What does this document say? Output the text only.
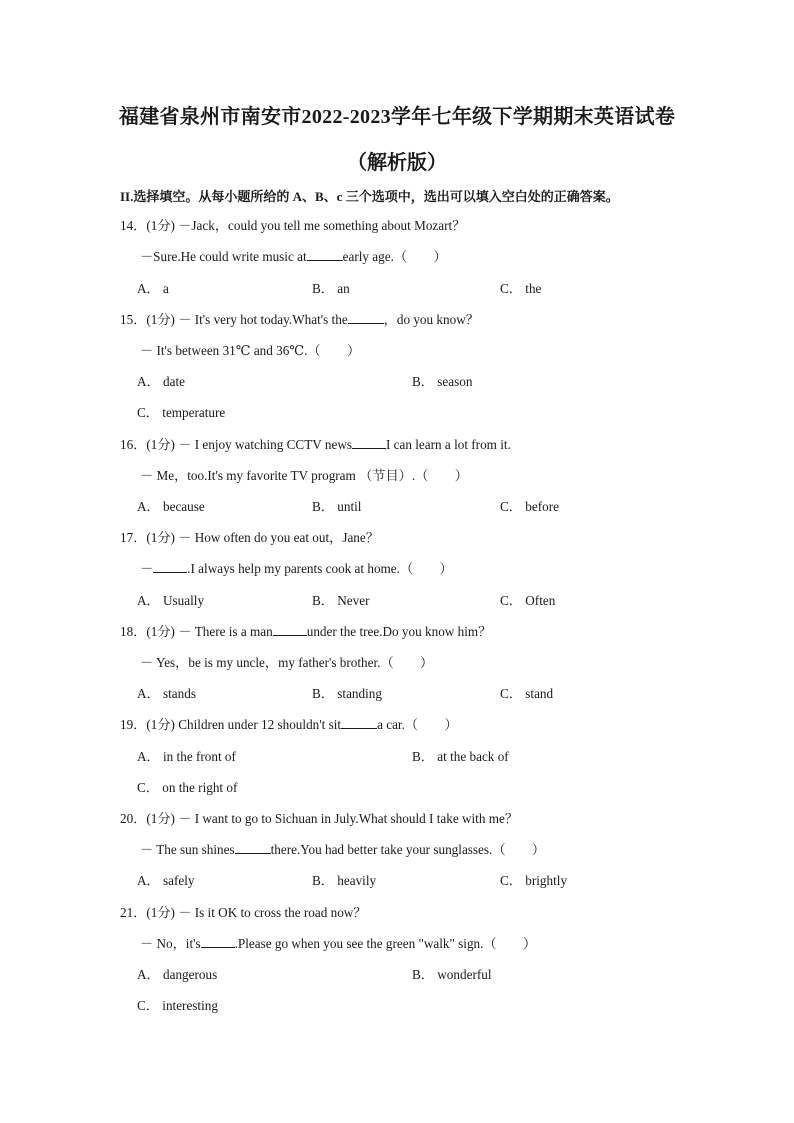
福建省泉州市南安市2022-2023学年七年级下学期期末英语试卷
（解析版）
II.选择填空。从每小题所给的 A、B、c 三个选项中，选出可以填入空白处的正确答案。
14．(1分) －Jack，could you tell me something about Mozart？
－Sure.He could write music at	early age.（　　）
A． a	B． an	C． the
15．(1分) － It's very hot today.What's the	，do you know？
－ It's between 31℃ and 36℃.（　　）
A． date	B． season
C． temperature
16．(1分) － I enjoy watching CCTV news	I can learn a lot from it.
－ Me，too.It's my favorite TV program （节目）.（　　）
A． because	B． until	C． before
17．(1分) － How often do you eat out，Jane？
－	.I always help my parents cook at home.（　　）
A． Usually	B． Never	C． Often
18．(1分) － There is a man	under the tree.Do you know him？
－ Yes，be is my uncle，my father's brother.（　　）
A． stands	B． standing	C． stand
19．(1分) Children under 12 shouldn't sit	a car.（　　）
A． in the front of	B． at the back of
C． on the right of
20．(1分) － I want to go to Sichuan in July.What should I take with me？
－ The sun shines	there.You had better take your sunglasses.（　　）
A． safely	B． heavily	C． brightly
21．(1分) － Is it OK to cross the road now？
－ No，it's	.Please go when you see the green "walk" sign.（　　）
A． dangerous	B． wonderful
C． interesting
